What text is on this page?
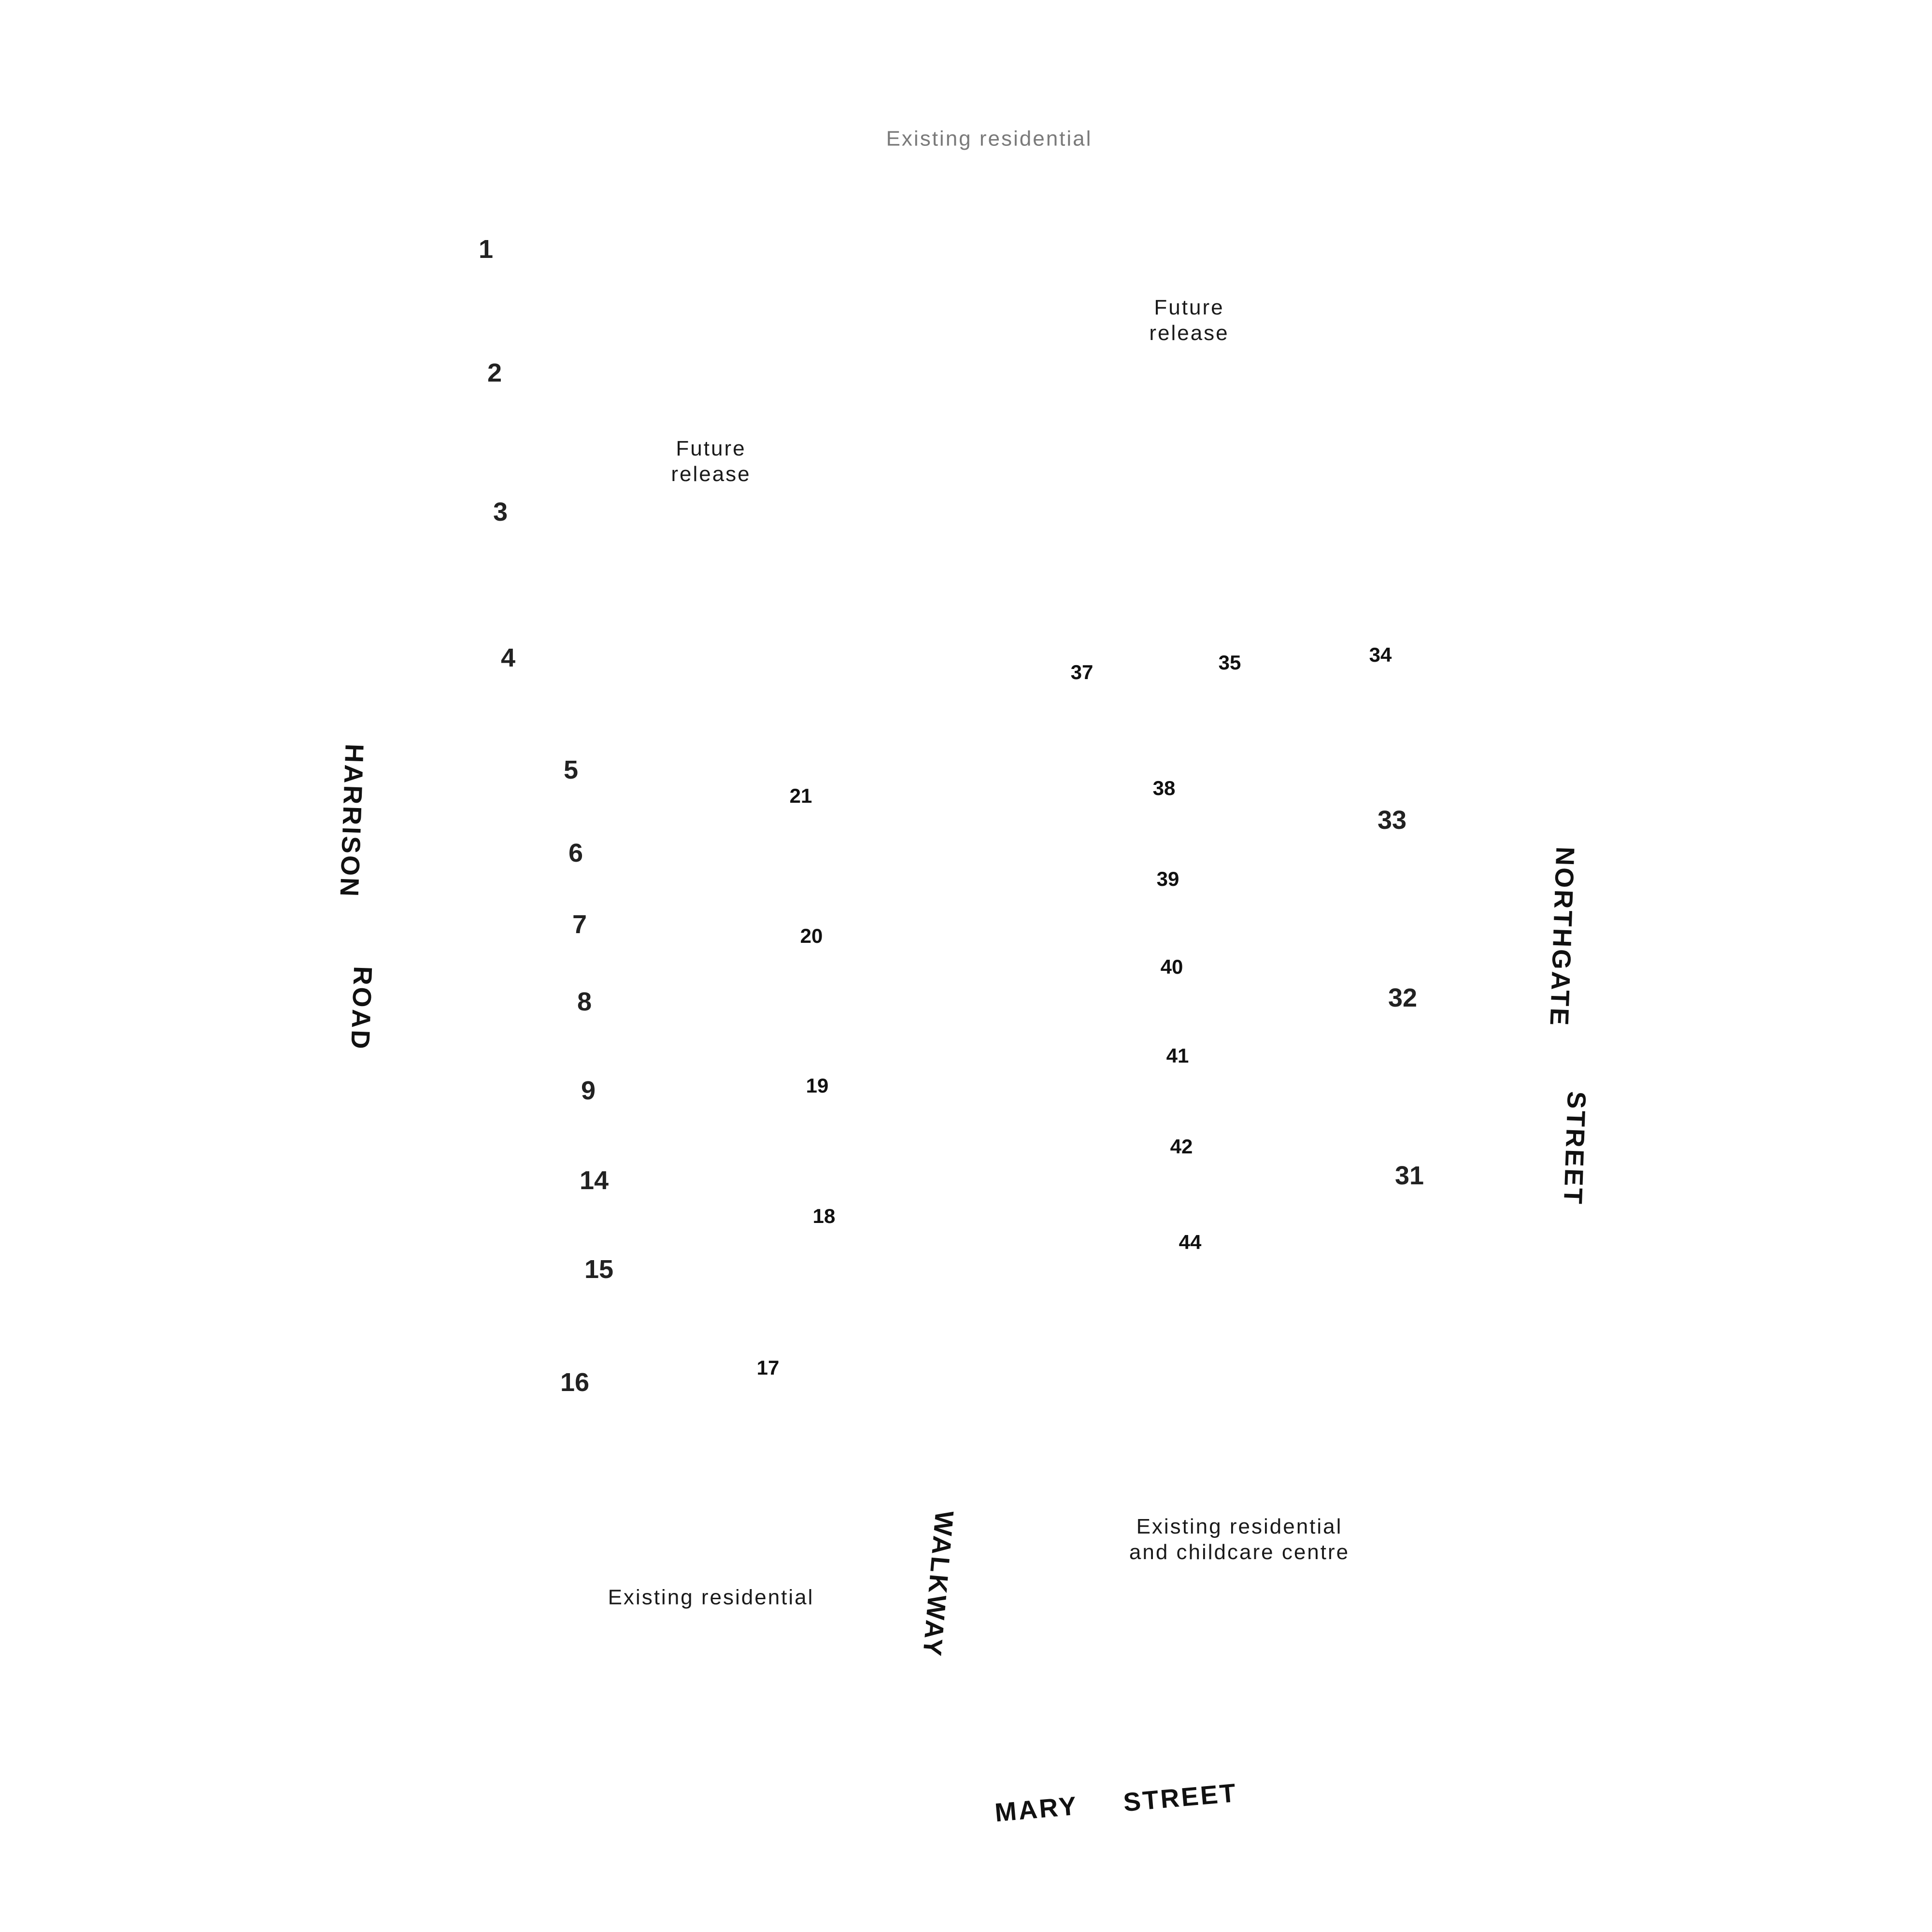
Existing residential
Future
release
Future
release
Existing residential
Existing residential
and childcare centre
HARRISON
ROAD	NORTHGATE
STREET
WALKWAY
MARY STREET
1
2
3
4
5
6
7
8
9
14
15
16
21
20
19
18
17
37	35	34
38
39
40
41
42
44
33
32
31
